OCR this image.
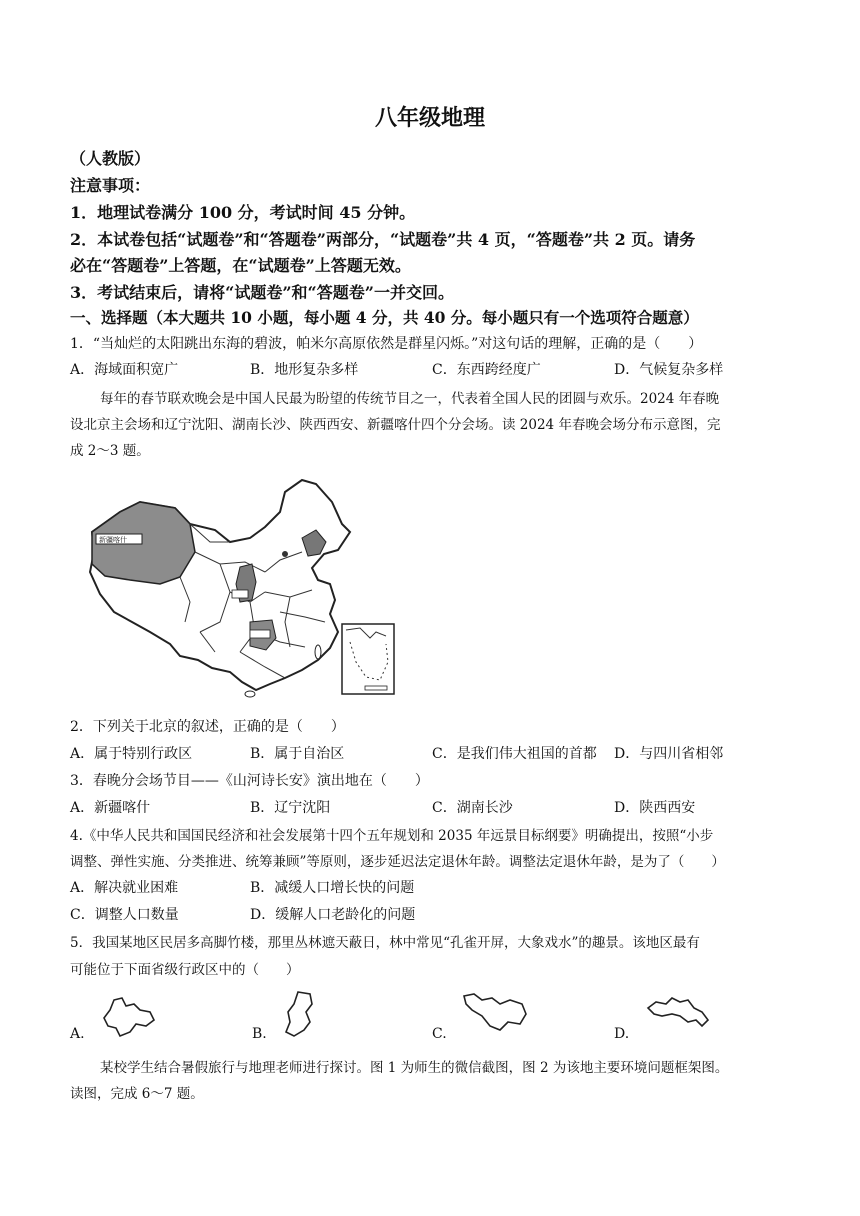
八年级地理
（人教版）
注意事项：
1．地理试卷满分 100 分，考试时间 45 分钟。
2．本试卷包括“试题卷”和“答题卷”两部分，“试题卷”共 4 页，“答题卷”共 2 页。请务
必在“答题卷”上答题，在“试题卷”上答题无效。
3．考试结束后，请将“试题卷”和“答题卷”一并交回。
一、选择题（本大题共 10 小题，每小题 4 分，共 40 分。每小题只有一个选项符合题意）
1．“当灿烂的太阳跳出东海的碧波，帕米尔高原依然是群星闪烁。”对这句话的理解，正确的是（　　）
A．海域面积宽广	B．地形复杂多样	C．东西跨经度广	D．气候复杂多样
每年的春节联欢晚会是中国人民最为盼望的传统节目之一，代表着全国人民的团圆与欢乐。2024 年春晚
设北京主会场和辽宁沈阳、湖南长沙、陕西西安、新疆喀什四个分会场。读 2024 年春晚会场分布示意图，完
成 2～3 题。
新疆喀什
2．下列关于北京的叙述，正确的是（　　）
A．属于特别行政区	B．属于自治区	C．是我们伟大祖国的首都 D．与四川省相邻
3．春晚分会场节目——《山河诗长安》演出地在（　　）
A．新疆喀什	B．辽宁沈阳	C．湖南长沙	D．陕西西安
4.《中华人民共和国国民经济和社会发展第十四个五年规划和 2035 年远景目标纲要》明确提出，按照“小步
调整、弹性实施、分类推进、统筹兼顾”等原则，逐步延迟法定退休年龄。调整法定退休年龄，是为了（　　）
A．解决就业困难	B．减缓人口增长快的问题
C．调整人口数量	D．缓解人口老龄化的问题
5．我国某地区民居多高脚竹楼，那里丛林遮天蔽日，林中常见“孔雀开屏，大象戏水”的趣景。该地区最有
可能位于下面省级行政区中的（　　）
A.	B.	C.	D.
某校学生结合暑假旅行与地理老师进行探讨。图 1 为师生的微信截图，图 2 为该地主要环境问题框架图。
读图，完成 6～7 题。
